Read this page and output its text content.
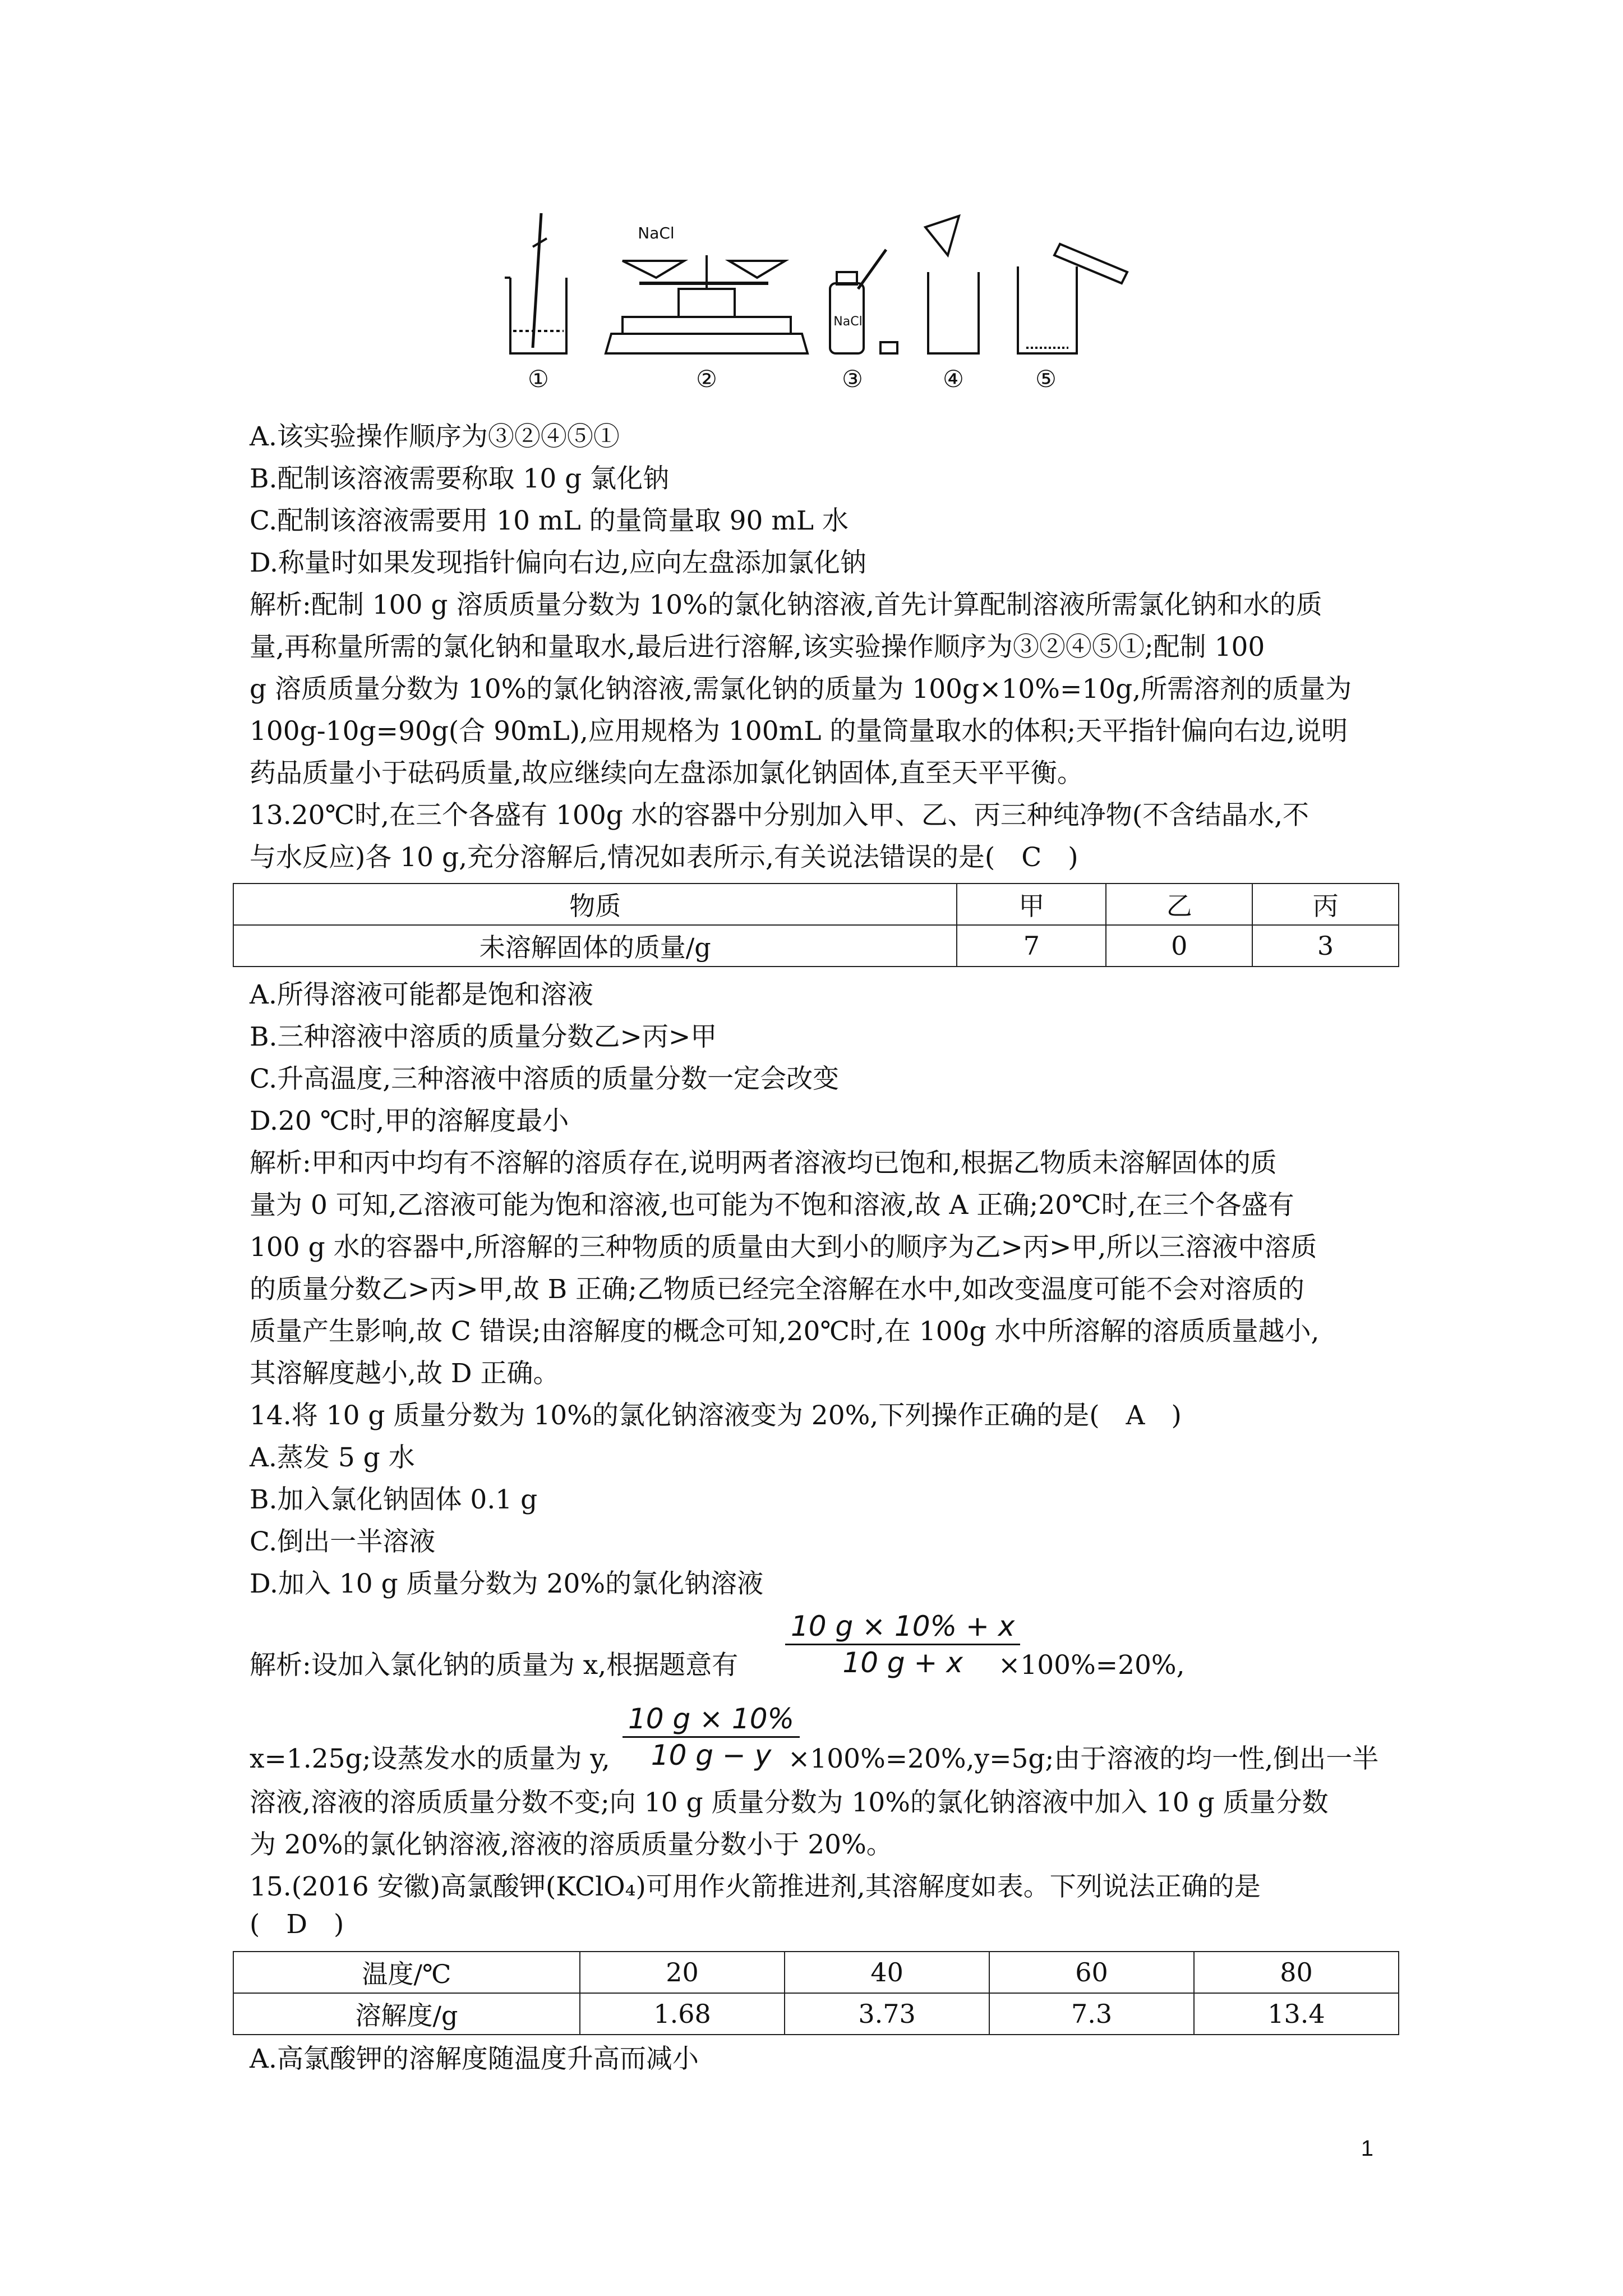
NaCl
NaCl
①	②	③	④	⑤
A.该实验操作顺序为③②④⑤①
B.配制该溶液需要称取 10 g 氯化钠
C.配制该溶液需要用 10 mL 的量筒量取 90 mL 水
D.称量时如果发现指针偏向右边,应向左盘添加氯化钠
解析:配制 100 g 溶质质量分数为 10%的氯化钠溶液,首先计算配制溶液所需氯化钠和水的质
量,再称量所需的氯化钠和量取水,最后进行溶解,该实验操作顺序为③②④⑤①;配制 100
g 溶质质量分数为 10%的氯化钠溶液,需氯化钠的质量为 100g×10%=10g,所需溶剂的质量为
100g-10g=90g(合 90mL),应用规格为 100mL 的量筒量取水的体积;天平指针偏向右边,说明
药品质量小于砝码质量,故应继续向左盘添加氯化钠固体,直至天平平衡。
13.20℃时,在三个各盛有 100g 水的容器中分别加入甲、乙、丙三种纯净物(不含结晶水,不
与水反应)各 10 g,充分溶解后,情况如表所示,有关说法错误的是(　C　)
物质	甲	乙	丙
未溶解固体的质量/g	7	0	3
A.所得溶液可能都是饱和溶液
B.三种溶液中溶质的质量分数乙>丙>甲
C.升高温度,三种溶液中溶质的质量分数一定会改变
D.20 ℃时,甲的溶解度最小
解析:甲和丙中均有不溶解的溶质存在,说明两者溶液均已饱和,根据乙物质未溶解固体的质
量为 0 可知,乙溶液可能为饱和溶液,也可能为不饱和溶液,故 A 正确;20℃时,在三个各盛有
100 g 水的容器中,所溶解的三种物质的质量由大到小的顺序为乙>丙>甲,所以三溶液中溶质
的质量分数乙>丙>甲,故 B 正确;乙物质已经完全溶解在水中,如改变温度可能不会对溶质的
质量产生影响,故 C 错误;由溶解度的概念可知,20℃时,在 100g 水中所溶解的溶质质量越小,
其溶解度越小,故 D 正确。
14.将 10 g 质量分数为 10%的氯化钠溶液变为 20%,下列操作正确的是(　A　)
A.蒸发 5 g 水
B.加入氯化钠固体 0.1 g
C.倒出一半溶液
D.加入 10 g 质量分数为 20%的氯化钠溶液
解析:设加入氯化钠的质量为 x,根据题意有
10 g × 10% + x
10 g + x	×100%=20%,
x=1.25g;设蒸发水的质量为 y,
10 g × 10%
10 g − y ×100%=20%,y=5g;由于溶液的均一性,倒出一半
溶液,溶液的溶质质量分数不变;向 10 g 质量分数为 10%的氯化钠溶液中加入 10 g 质量分数
为 20%的氯化钠溶液,溶液的溶质质量分数小于 20%。
15.(2016 安徽)高氯酸钾(KClO₄)可用作火箭推进剂,其溶解度如表。下列说法正确的是
(　D　)
温度/℃	20	40	60	80
溶解度/g	1.68	3.73	7.3	13.4
A.高氯酸钾的溶解度随温度升高而减小
1
